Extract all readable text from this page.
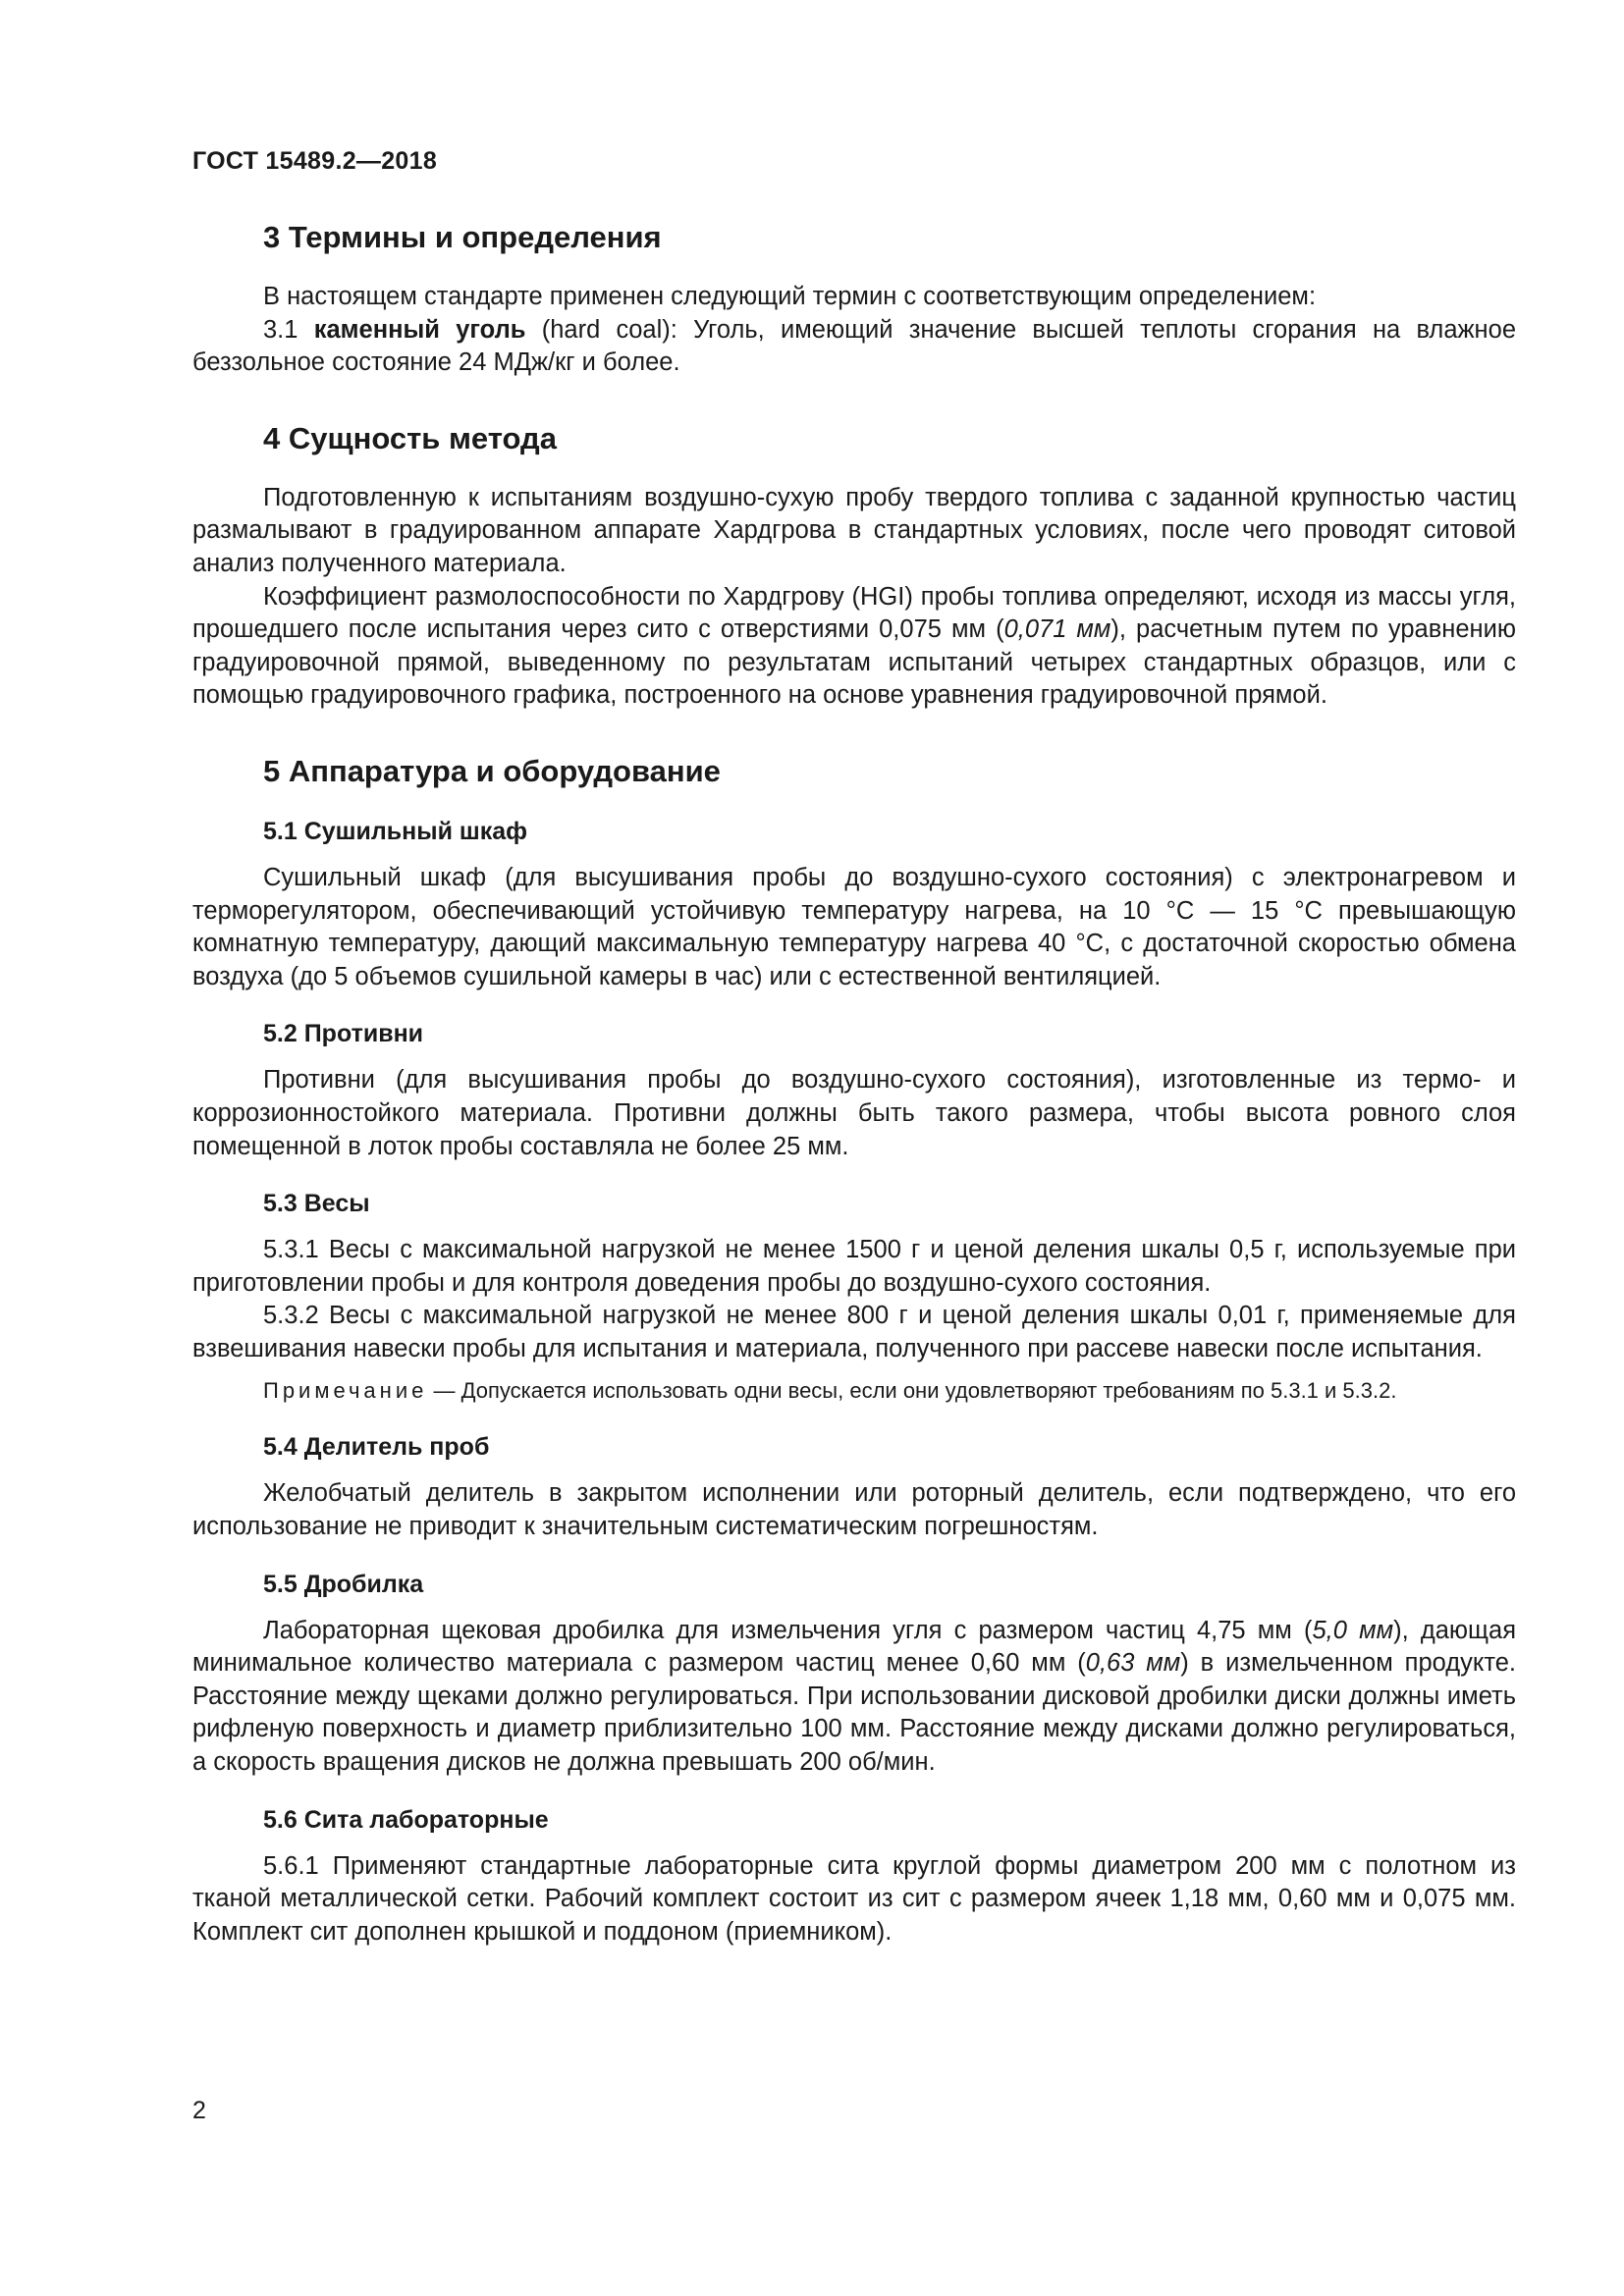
ГОСТ 15489.2—2018
3 Термины и определения

В настоящем стандарте применен следующий термин с соответствующим определением:

3.1 каменный уголь (hard coal): Уголь, имеющий значение высшей теплоты сгорания на влажное беззольное состояние 24 МДж/кг и более.

4 Сущность метода

Подготовленную к испытаниям воздушно-сухую пробу твердого топлива с заданной крупностью частиц размалывают в градуированном аппарате Хардгрова в стандартных условиях, после чего проводят ситовой анализ полученного материала.

Коэффициент размолоспособности по Хардгрову (HGI) пробы топлива определяют, исходя из массы угля, прошедшего после испытания через сито с отверстиями 0,075 мм (0,071 мм), расчетным путем по уравнению градуировочной прямой, выведенному по результатам испытаний четырех стандартных образцов, или с помощью градуировочного графика, построенного на основе уравнения градуировочной прямой.

5 Аппаратура и оборудование
5.1 Сушильный шкаф

Сушильный шкаф (для высушивания пробы до воздушно-сухого состояния) с электронагревом и терморегулятором, обеспечивающий устойчивую температуру нагрева, на 10 °С — 15 °С превышающую комнатную температуру, дающий максимальную температуру нагрева 40 °С, с достаточной скоростью обмена воздуха (до 5 объемов сушильной камеры в час) или с естественной вентиляцией.

5.2 Противни

Противни (для высушивания пробы до воздушно-сухого состояния), изготовленные из термо- и коррозионностойкого материала. Противни должны быть такого размера, чтобы высота ровного слоя помещенной в лоток пробы составляла не более 25 мм.

5.3 Весы

5.3.1 Весы с максимальной нагрузкой не менее 1500 г и ценой деления шкалы 0,5 г, используемые при приготовлении пробы и для контроля доведения пробы до воздушно-сухого состояния.

5.3.2 Весы с максимальной нагрузкой не менее 800 г и ценой деления шкалы 0,01 г, применяемые для взвешивания навески пробы для испытания и материала, полученного при рассеве навески после испытания.

Примечание — Допускается использовать одни весы, если они удовлетворяют требованиям по 5.3.1 и 5.3.2.

5.4 Делитель проб

Желобчатый делитель в закрытом исполнении или роторный делитель, если подтверждено, что его использование не приводит к значительным систематическим погрешностям.

5.5 Дробилка

Лабораторная щековая дробилка для измельчения угля с размером частиц 4,75 мм (5,0 мм), дающая минимальное количество материала с размером частиц менее 0,60 мм (0,63 мм) в измельченном продукте. Расстояние между щеками должно регулироваться. При использовании дисковой дробилки диски должны иметь рифленую поверхность и диаметр приблизительно 100 мм. Расстояние между дисками должно регулироваться, а скорость вращения дисков не должна превышать 200 об/мин.

5.6 Сита лабораторные

5.6.1 Применяют стандартные лабораторные сита круглой формы диаметром 200 мм с полотном из тканой металлической сетки. Рабочий комплект состоит из сит с размером ячеек 1,18 мм, 0,60 мм и 0,075 мм. Комплект сит дополнен крышкой и поддоном (приемником).

2
